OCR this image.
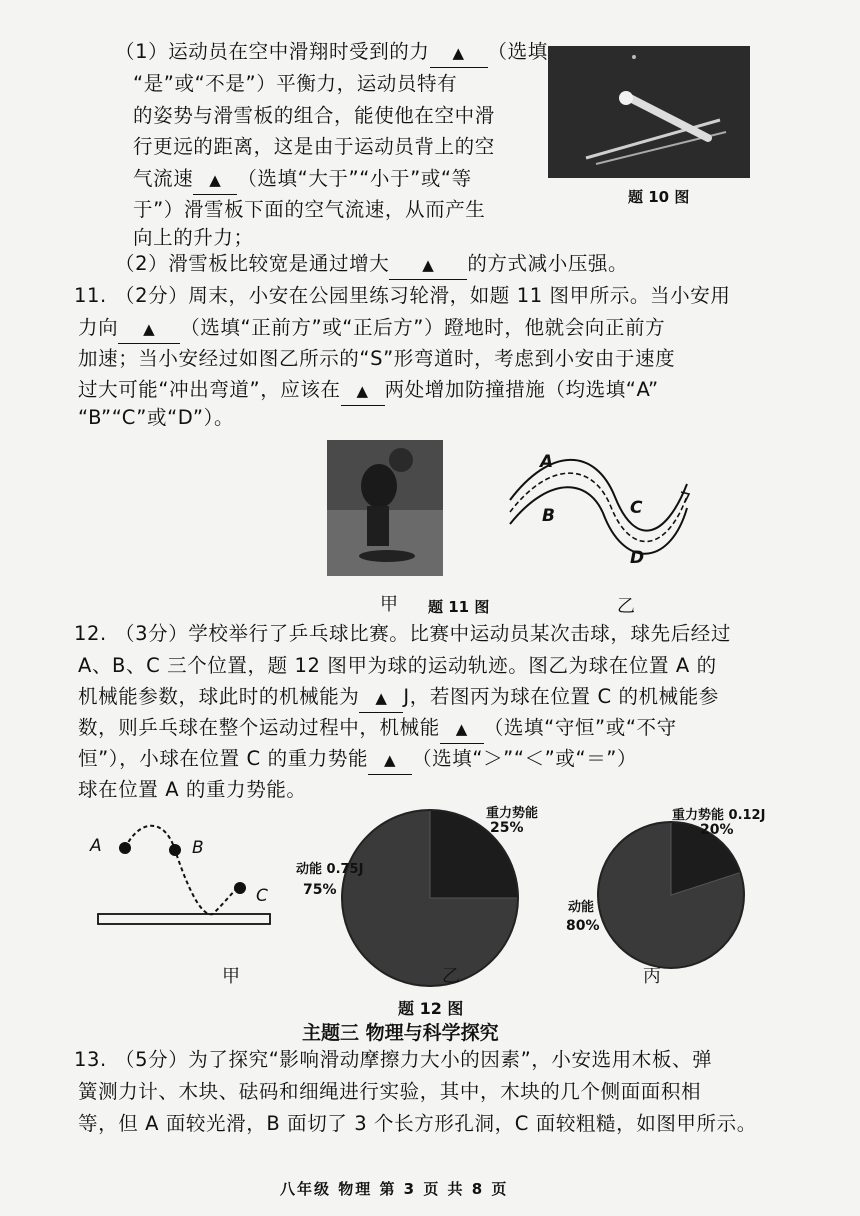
（1）运动员在空中滑翔时受到的力 ▲ （选填
“是”或“不是”）平衡力，运动员特有
的姿势与滑雪板的组合，能使他在空中滑
行更远的距离，这是由于运动员背上的空
气流速 ▲ （选填“大于”“小于”或“等
于”）滑雪板下面的空气流速，从而产生
向上的升力；
（2）滑雪板比较宽是通过增大 ▲ 的方式减小压强。
题 10 图
11. （2分）周末，小安在公园里练习轮滑，如题 11 图甲所示。当小安用
力向 ▲ （选填“正前方”或“正后方”）蹬地时，他就会向正前方
加速；当小安经过如图乙所示的“S”形弯道时，考虑到小安由于速度
过大可能“冲出弯道”，应该在 ▲ 两处增加防撞措施（均选填“A”
“B”“C”或“D”）。
A
B	C
D
甲 题 11 图	乙
12. （3分）学校举行了乒乓球比赛。比赛中运动员某次击球，球先后经过
A、B、C 三个位置，题 12 图甲为球的运动轨迹。图乙为球在位置 A 的
机械能参数，球此时的机械能为 ▲ J，若图丙为球在位置 C 的机械能参
数，则乒乓球在整个运动过程中，机械能 ▲ （选填“守恒”或“不守
恒”），小球在位置 C 的重力势能 ▲ （选填“＞”“＜”或“＝”）
球在位置 A 的重力势能。
A	B
C
重力势能
25%
动能 0.75J
75%
重力势能 0.12J
20%
动能
80%
甲	乙	丙
题 12 图
主题三 物理与科学探究
13. （5分）为了探究“影响滑动摩擦力大小的因素”，小安选用木板、弹
簧测力计、木块、砝码和细绳进行实验，其中，木块的几个侧面面积相
等，但 A 面较光滑，B 面切了 3 个长方形孔洞，C 面较粗糙，如图甲所示。
八年级 物理 第 3 页 共 8 页
